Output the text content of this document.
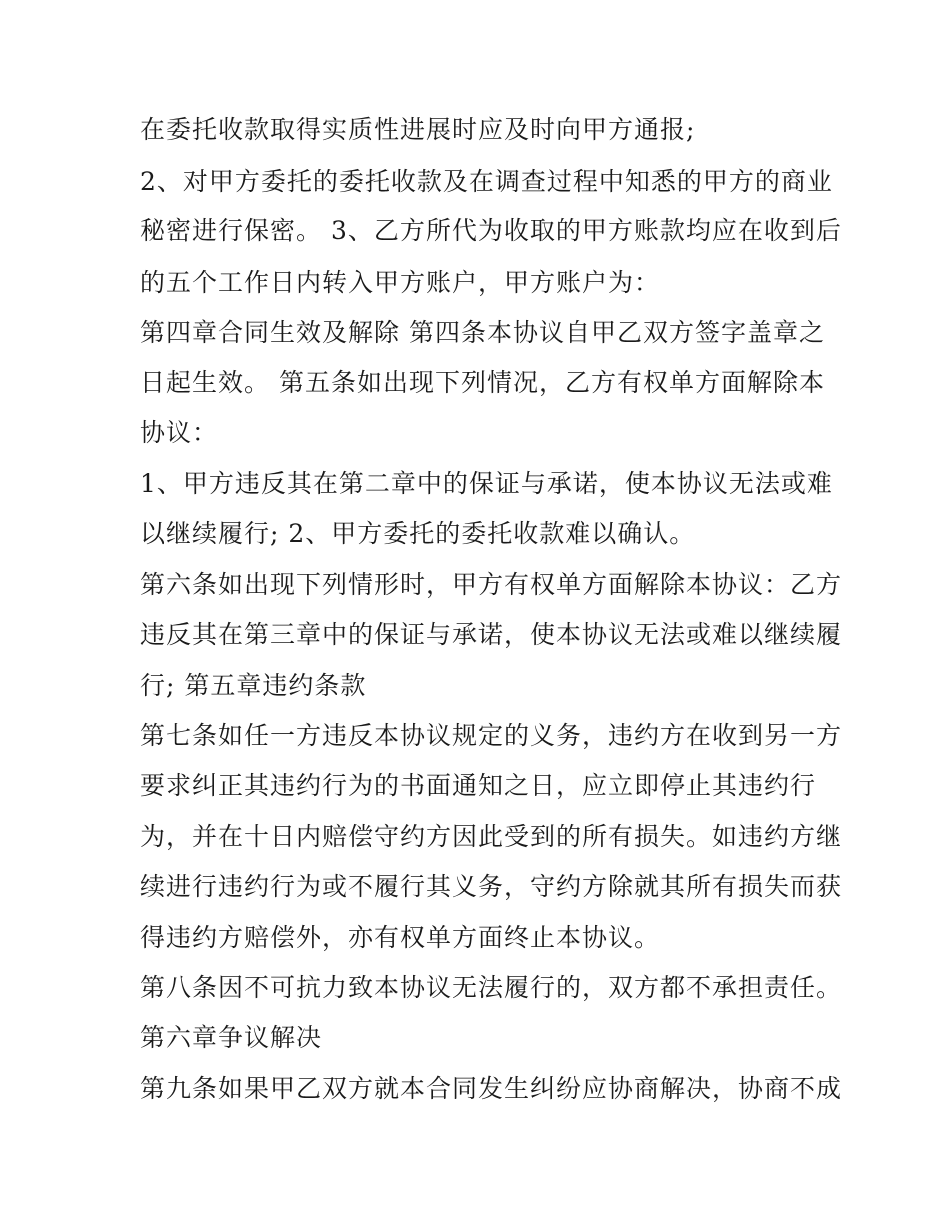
在委托收款取得实质性进展时应及时向甲方通报;
2、对甲方委托的委托收款及在调查过程中知悉的甲方的商业
秘密进行保密。 3、乙方所代为收取的甲方账款均应在收到后
的五个工作日内转入甲方账户，甲方账户为：
第四章合同生效及解除 第四条本协议自甲乙双方签字盖章之
日起生效。 第五条如出现下列情况，乙方有权单方面解除本
协议：
1、甲方违反其在第二章中的保证与承诺，使本协议无法或难
以继续履行; 2、甲方委托的委托收款难以确认。
第六条如出现下列情形时，甲方有权单方面解除本协议：乙方
违反其在第三章中的保证与承诺，使本协议无法或难以继续履
行; 第五章违约条款
第七条如任一方违反本协议规定的义务，违约方在收到另一方
要求纠正其违约行为的书面通知之日，应立即停止其违约行
为，并在十日内赔偿守约方因此受到的所有损失。如违约方继
续进行违约行为或不履行其义务，守约方除就其所有损失而获
得违约方赔偿外，亦有权单方面终止本协议。
第八条因不可抗力致本协议无法履行的，双方都不承担责任。
第六章争议解决
第九条如果甲乙双方就本合同发生纠纷应协商解决，协商不成
